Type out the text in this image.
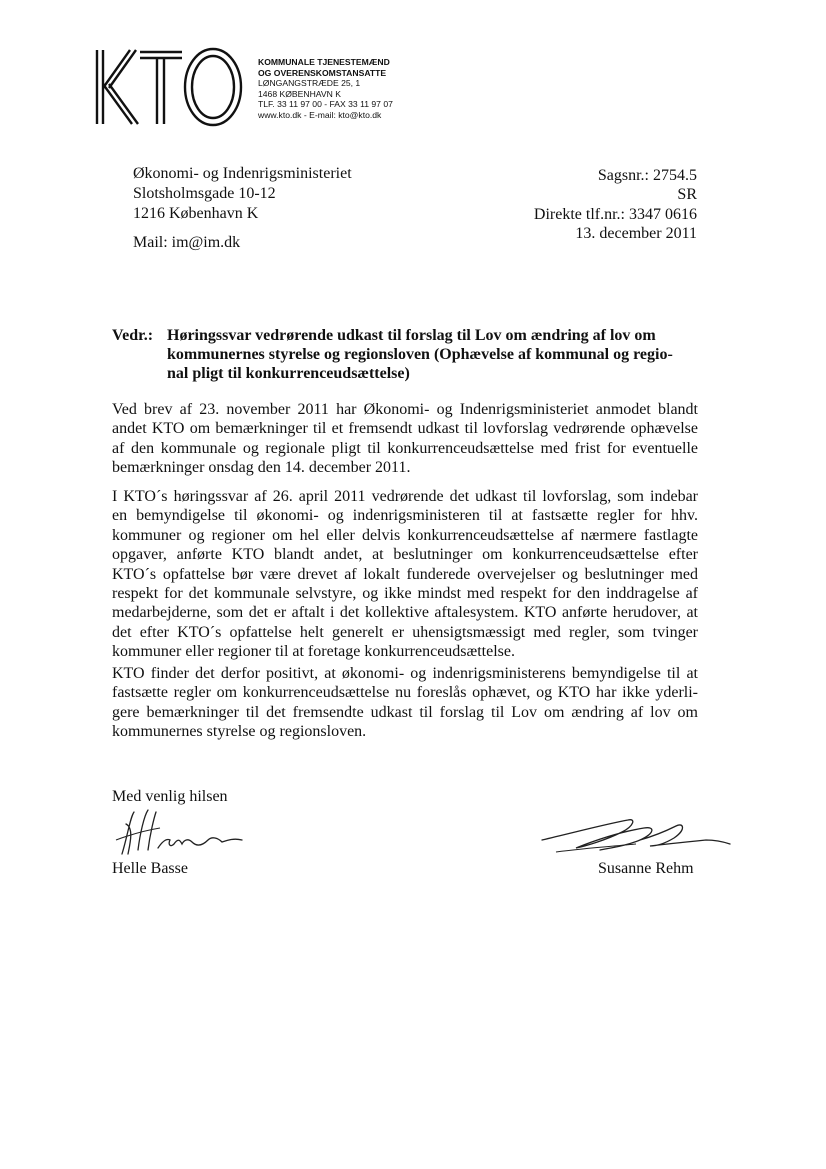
KOMMUNALE TJENESTEMÆND
OG OVERENSKOMSTANSATTE
LØNGANGSTRÆDE 25, 1
1468 KØBENHAVN K
TLF. 33 11 97 00 - FAX 33 11 97 07
www.kto.dk - E-mail: kto@kto.dk
Økonomi- og Indenrigsministeriet
Slotsholmsgade 10-12
1216 København K
Mail: im@im.dk
Sagsnr.: 2754.5
SR
Direkte tlf.nr.: 3347 0616
13. december 2011
Vedr.: Høringssvar vedrørende udkast til forslag til Lov om ændring af lov om
kommunernes styrelse og regionsloven (Ophævelse af kommunal og regio-
nal pligt til konkurrenceudsættelse)
Ved brev af 23. november 2011 har Økonomi- og Indenrigsministeriet anmodet blandt
andet KTO om bemærkninger til et fremsendt udkast til lovforslag vedrørende ophævelse
af den kommunale og regionale pligt til konkurrenceudsættelse med frist for eventuelle
bemærkninger onsdag den 14. december 2011.
I KTO´s høringssvar af 26. april 2011 vedrørende det udkast til lovforslag, som indebar
en bemyndigelse til økonomi- og indenrigsministeren til at fastsætte regler for hhv.
kommuner og regioner om hel eller delvis konkurrenceudsættelse af nærmere fastlagte
opgaver, anførte KTO blandt andet, at beslutninger om konkurrenceudsættelse efter
KTO´s opfattelse bør være drevet af lokalt funderede overvejelser og beslutninger med
respekt for det kommunale selvstyre, og ikke mindst med respekt for den inddragelse af
medarbejderne, som det er aftalt i det kollektive aftalesystem. KTO anførte herudover, at
det efter KTO´s opfattelse helt generelt er uhensigtsmæssigt med regler, som tvinger
kommuner eller regioner til at foretage konkurrenceudsættelse.
KTO finder det derfor positivt, at økonomi- og indenrigsministerens bemyndigelse til at
fastsætte regler om konkurrenceudsættelse nu foreslås ophævet, og KTO har ikke yderli-
gere bemærkninger til det fremsendte udkast til forslag til Lov om ændring af lov om
kommunernes styrelse og regionsloven.
Med venlig hilsen
Helle Basse	Susanne Rehm
